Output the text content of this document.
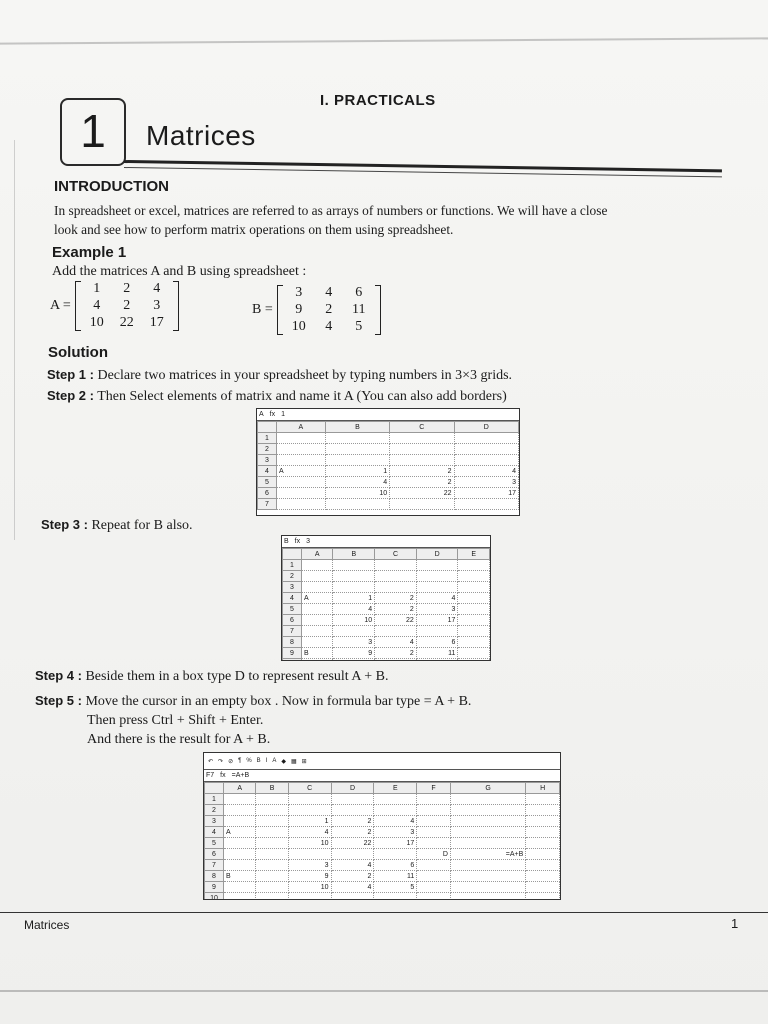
I. PRACTICALS
1	Matrices
INTRODUCTION
In spreadsheet or excel, matrices are referred to as arrays of numbers or functions. We will have a close
look and see how to perform matrix operations on them using spreadsheet.
Example 1
Add the matrices A and B using spreadsheet :
A =
1	2	4
4	2	3
10	22	17
B =
3	4	6
9	2	11
10	4	5
Solution
Step 1 : Declare two matrices in your spreadsheet by typing numbers in 3×3 grids.
Step 2 : Then Select elements of matrix and name it A (You can also add borders)
A fx 1
	A	B	C	D
1				
2				
3				
4	A	1	2	4
5		4	2	3
6		10	22	17
7				
Step 3 : Repeat for B also.
B fx 3
	A	B	C	D	E
1					
2					
3					
4	A	1	2	4	
5		4	2	3	
6		10	22	17	
7					
8		3	4	6	
9	B	9	2	11	

Step 4 : Beside them in a box type D to represent result A + B.
Step 5 : Move the cursor in an empty box . Now in formula bar type = A + B.
Then press Ctrl + Shift + Enter.
And there is the result for A + B.
↶ ↷ ⊘ ¶ % B I A ◆ ▦ ⊞
F7 fx =A+B
	A	B	C	D	E	F	G	H
1								
2								
3			1	2	4			
4	A		4	2	3			
5			10	22	17			
6						D	=A+B	
7			3	4	6			
8	B		9	2	11			
9			10	4	5			
10								

Matrices	1
